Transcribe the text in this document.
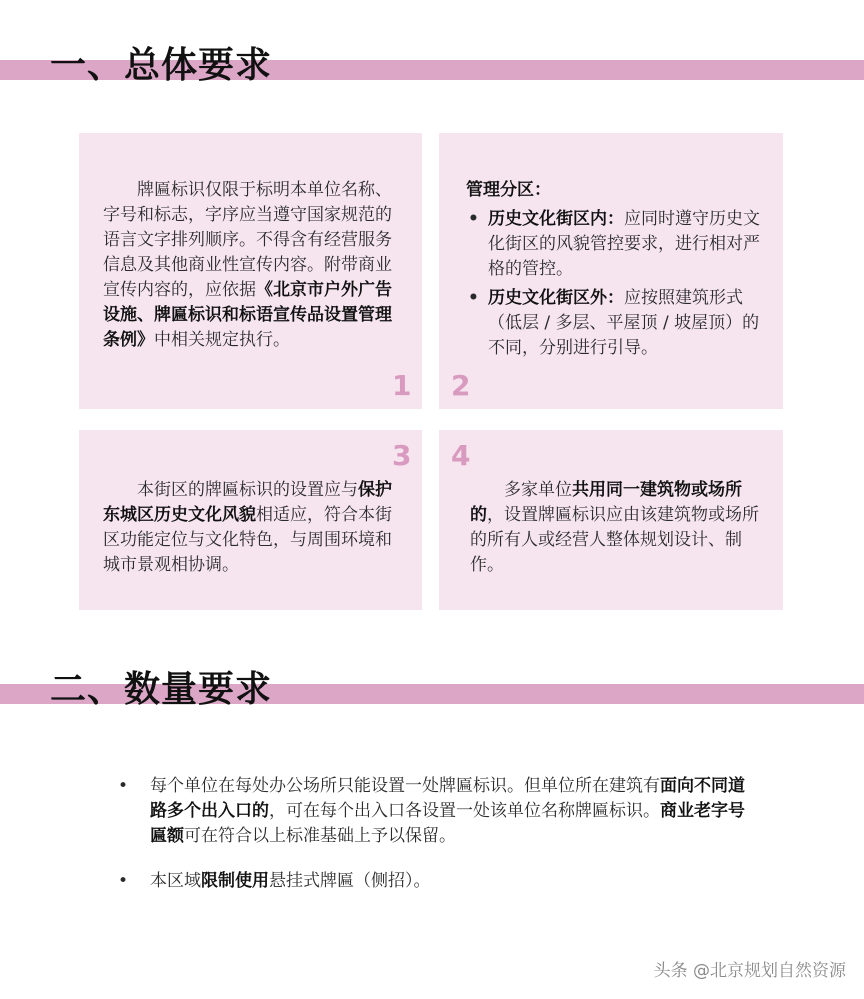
一、总体要求
牌匾标识仅限于标明本单位名称、字号和标志，字序应当遵守国家规范的语言文字排列顺序。不得含有经营服务信息及其他商业性宣传内容。附带商业宣传内容的，应依据《北京市户外广告设施、牌匾标识和标语宣传品设置管理条例》中相关规定执行。
1
管理分区：
• 历史文化街区内：应同时遵守历史文化街区的风貌管控要求，进行相对严格的管控。
• 历史文化街区外：应按照建筑形式（低层 / 多层、平屋顶 / 坡屋顶）的不同，分别进行引导。
2
3
本街区的牌匾标识的设置应与保护东城区历史文化风貌相适应，符合本街区功能定位与文化特色，与周围环境和城市景观相协调。
4
多家单位共用同一建筑物或场所的，设置牌匾标识应由该建筑物或场所的所有人或经营人整体规划设计、制作。
二、数量要求
• 每个单位在每处办公场所只能设置一处牌匾标识。但单位所在建筑有面向不同道路多个出入口的，可在每个出入口各设置一处该单位名称牌匾标识。商业老字号匾额可在符合以上标准基础上予以保留。
• 本区域限制使用悬挂式牌匾（侧招）。
头条 @北京规划自然资源
